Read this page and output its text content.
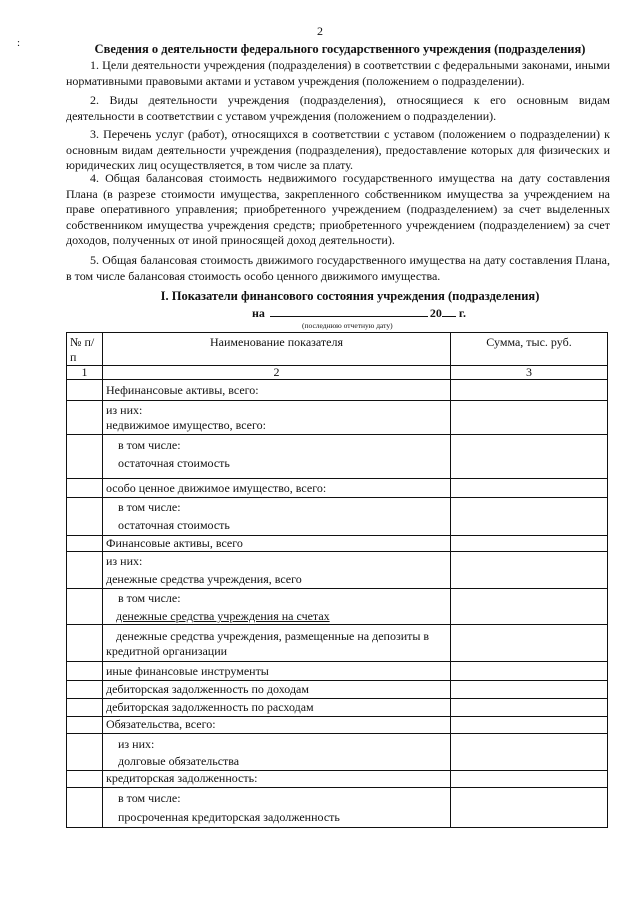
2
:	Сведения о деятельности федерального государственного учреждения (подразделения)
1. Цели деятельности учреждения (подразделения) в соответствии с федеральными законами, иными нормативными правовыми актами и уставом учреждения (положением о подразделении).
2. Виды деятельности учреждения (подразделения), относящиеся к его основным видам деятельности в соответствии с уставом учреждения (положением о подразделении).
3. Перечень услуг (работ), относящихся в соответствии с уставом (положением о подразделении) к основным видам деятельности учреждения (подразделения), предоставление которых для физических и юридических лиц осуществляется, в том числе за плату.
4. Общая балансовая стоимость недвижимого государственного имущества на дату составления Плана (в разрезе стоимости имущества, закрепленного собственником имущества за учреждением на праве оперативного управления; приобретенного учреждением (подразделением) за счет выделенных собственником имущества учреждения средств; приобретенного учреждением (подразделением) за счет доходов, полученных от иной приносящей доход деятельности).
5. Общая балансовая стоимость движимого государственного имущества на дату составления Плана, в том числе балансовая стоимость особо ценного движимого имущества.
I. Показатели финансового состояния учреждения (подразделения)
на	20 г.
(последнюю отчетную дату)
№ п/п	Наименование показателя	Сумма, тыс. руб.
1	2	3
	Нефинансовые активы, всего:	

	из них:
недвижимое имущество, всего:	

	в том числе:
остаточная стоимость	

	особо ценное движимое имущество, всего:	

	в том числе:
остаточная стоимость	

	Финансовые активы, всего	

	из них:
денежные средства учреждения, всего	

	в том числе:
денежные средства учреждения на счетах	

	денежные средства учреждения, размещенные на депозиты в
кредитной организации	

	иные финансовые инструменты	
	дебиторская задолженность по доходам	
	дебиторская задолженность по расходам	
	Обязательства, всего:	

	из них:
долговые обязательства	

	кредиторская задолженность:	

	в том числе:
просроченная кредиторская задолженность	
